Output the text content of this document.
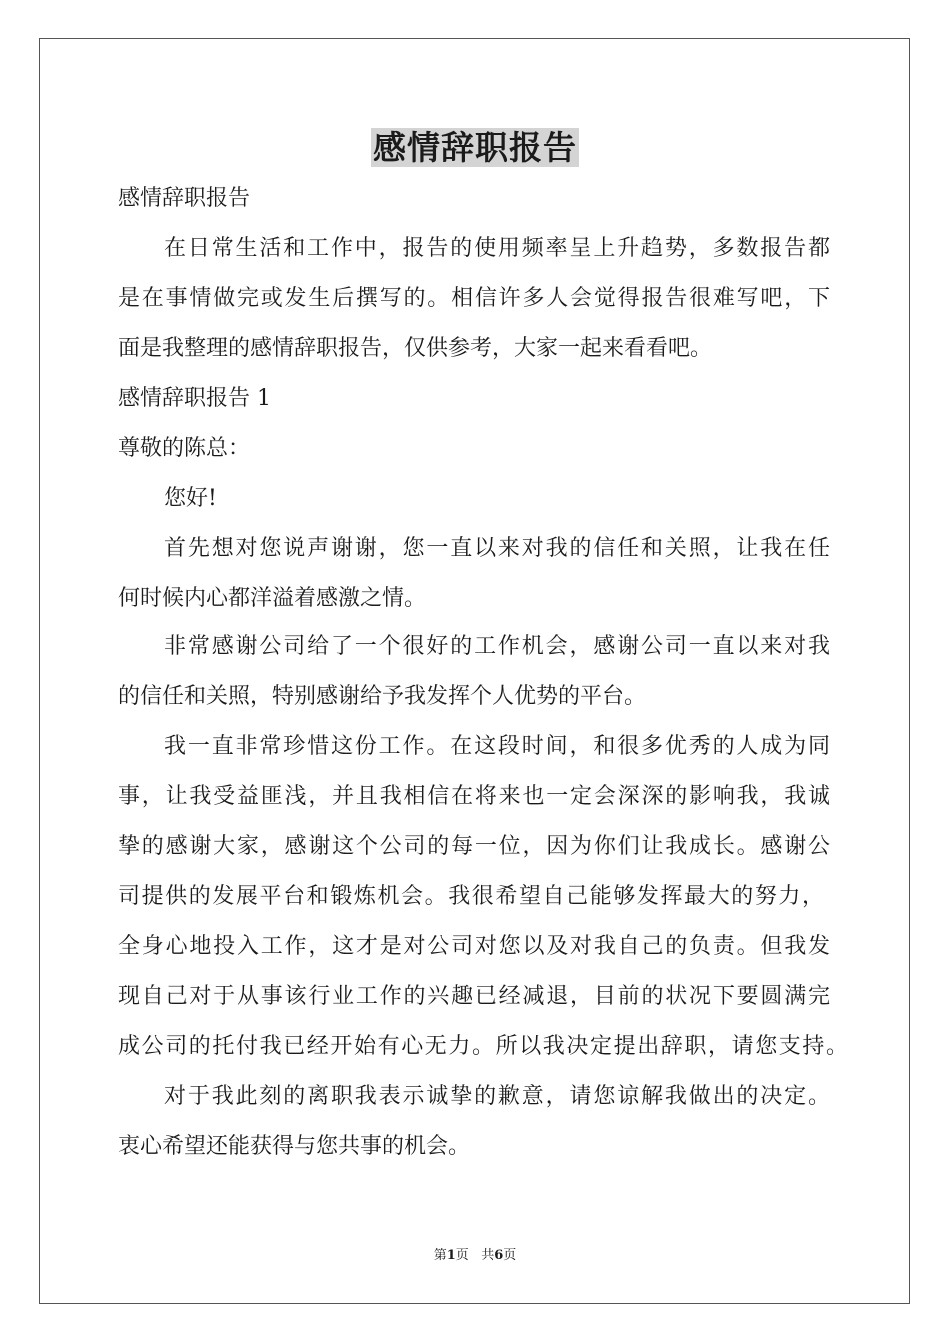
感情辞职报告
感情辞职报告
在日常生活和工作中，报告的使用频率呈上升趋势，多数报告都
是在事情做完或发生后撰写的。相信许多人会觉得报告很难写吧，下
面是我整理的感情辞职报告，仅供参考，大家一起来看看吧。
感情辞职报告 1
尊敬的陈总：
您好!
首先想对您说声谢谢，您一直以来对我的信任和关照，让我在任
何时候内心都洋溢着感激之情。
非常感谢公司给了一个很好的工作机会，感谢公司一直以来对我
的信任和关照，特别感谢给予我发挥个人优势的平台。
我一直非常珍惜这份工作。在这段时间，和很多优秀的人成为同
事，让我受益匪浅，并且我相信在将来也一定会深深的影响我，我诚
挚的感谢大家，感谢这个公司的每一位，因为你们让我成长。感谢公
司提供的发展平台和锻炼机会。我很希望自己能够发挥最大的努力，
全身心地投入工作，这才是对公司对您以及对我自己的负责。但我发
现自己对于从事该行业工作的兴趣已经减退，目前的状况下要圆满完
成公司的托付我已经开始有心无力。所以我决定提出辞职，请您支持。
对于我此刻的离职我表示诚挚的歉意，请您谅解我做出的决定。
衷心希望还能获得与您共事的机会。
第1页 共6页
